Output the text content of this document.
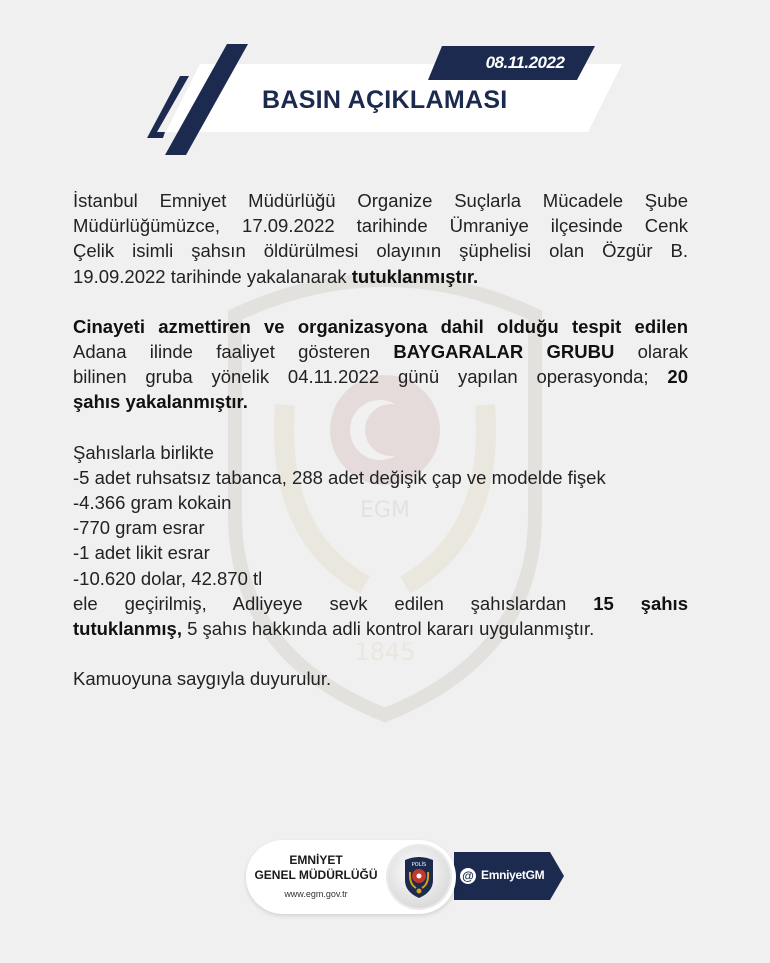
08.11.2022
BASIN AÇIKLAMASI
EGM
1845

İstanbul Emniyet Müdürlüğü Organize Suçlarla Mücadele Şube
Müdürlüğümüzce, 17.09.2022 tarihinde Ümraniye ilçesinde Cenk
Çelik isimli şahsın öldürülmesi olayının şüphelisi olan Özgür B.
19.09.2022 tarihinde yakalanarak tutuklanmıştır.

Cinayeti azmettiren ve organizasyona dahil olduğu tespit edilen
Adana ilinde faaliyet gösteren BAYGARALAR GRUBU olarak
bilinen gruba yönelik 04.11.2022 günü yapılan operasyonda; 20
şahıs yakalanmıştır.

Şahıslarla birlikte
-5 adet ruhsatsız tabanca, 288 adet değişik çap ve modelde fişek
-4.366 gram kokain
-770 gram esrar
-1 adet likit esrar
-10.620 dolar, 42.870 tl
ele geçirilmiş, Adliyeye sevk edilen şahıslardan 15 şahıs
tutuklanmış, 5 şahıs hakkında adli kontrol kararı uygulanmıştır.

Kamuoyuna saygıyla duyurulur.

@ EmniyetGM
EMNİYET
GENEL MÜDÜRLÜĞÜ
www.egm.gov.tr
POLİS
